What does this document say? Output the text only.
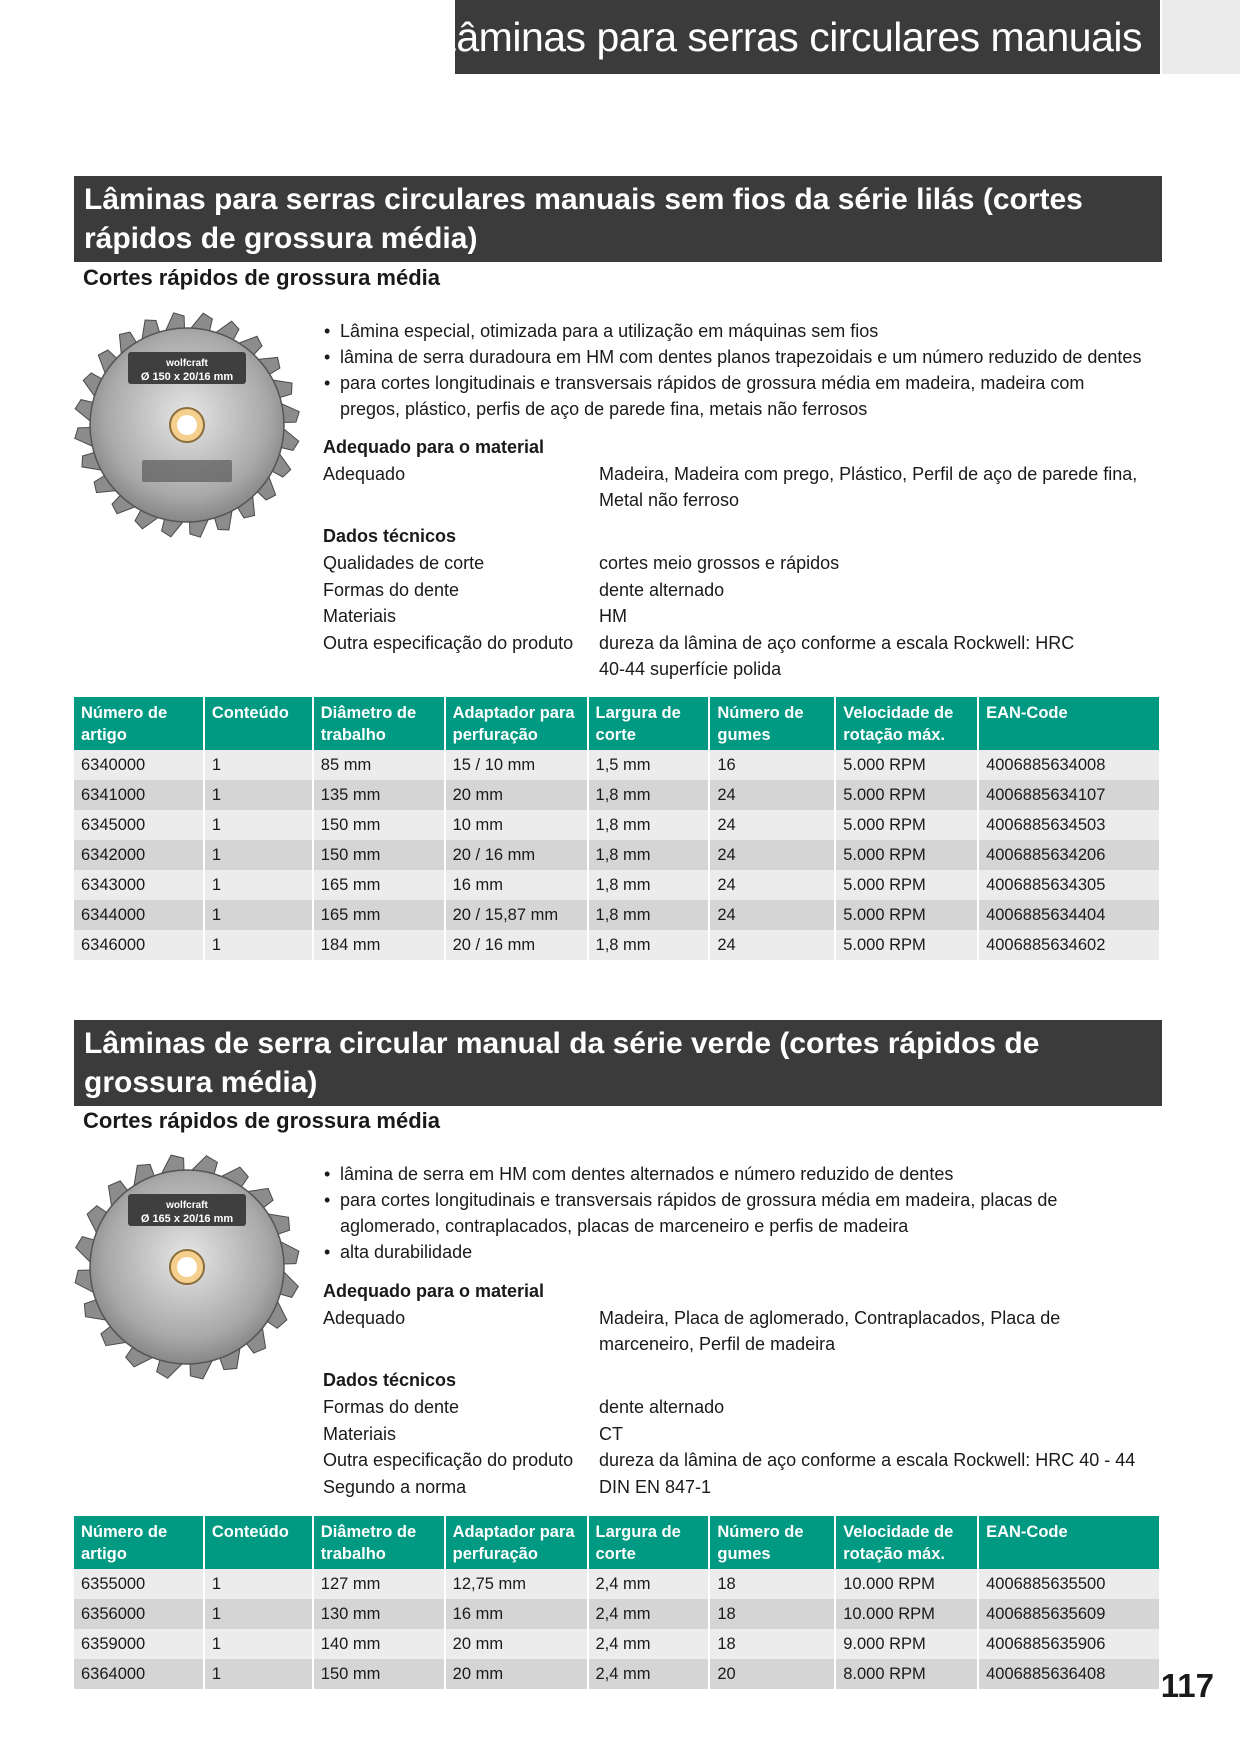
Lâminas para serras circulares manuais
Lâminas para serras circulares manuais sem fios da série lilás (cortes rápidos de grossura média)
Cortes rápidos de grossura média
wolfcraft
Ø 150 x 20/16 mm
• Lâmina especial, otimizada para a utilização em máquinas sem fios
• lâmina de serra duradoura em HM com dentes planos trapezoidais e um número reduzido de dentes
• para cortes longitudinais e transversais rápidos de grossura média em madeira, madeira com pregos, plástico, perfis de aço de parede fina, metais não ferrosos
Adequado para o material
Adequado	Madeira, Madeira com prego, Plástico, Perfil de aço de parede fina, Metal não ferroso
Dados técnicos
Qualidades de corte	cortes meio grossos e rápidos
Formas do dente	dente alternado
Materiais	HM
Outra especificação do produto	dureza da lâmina de aço conforme a escala Rockwell: HRC 40-44 superfície polida
Número de artigo	Conteúdo	Diâmetro de trabalho	Adaptador para perfuração	Largura de corte	Número de gumes	Velocidade de rotação máx.	EAN-Code
6340000	1	85 mm	15 / 10 mm	1,5 mm	16	5.000 RPM	4006885634008
6341000	1	135 mm	20 mm	1,8 mm	24	5.000 RPM	4006885634107
6345000	1	150 mm	10 mm	1,8 mm	24	5.000 RPM	4006885634503
6342000	1	150 mm	20 / 16 mm	1,8 mm	24	5.000 RPM	4006885634206
6343000	1	165 mm	16 mm	1,8 mm	24	5.000 RPM	4006885634305
6344000	1	165 mm	20 / 15,87 mm	1,8 mm	24	5.000 RPM	4006885634404
6346000	1	184 mm	20 / 16 mm	1,8 mm	24	5.000 RPM	4006885634602
Lâminas de serra circular manual da série verde (cortes rápidos de grossura média)
Cortes rápidos de grossura média
wolfcraft
Ø 165 x 20/16 mm
• lâmina de serra em HM com dentes alternados e número reduzido de dentes
• para cortes longitudinais e transversais rápidos de grossura média em madeira, placas de aglomerado, contraplacados, placas de marceneiro e perfis de madeira
• alta durabilidade
Adequado para o material
Adequado	Madeira, Placa de aglomerado, Contraplacados, Placa de marceneiro, Perfil de madeira
Dados técnicos
Formas do dente	dente alternado
Materiais	CT
Outra especificação do produto	dureza da lâmina de aço conforme a escala Rockwell: HRC 40 - 44
Segundo a norma	DIN EN 847-1
Número de artigo	Conteúdo	Diâmetro de trabalho	Adaptador para perfuração	Largura de corte	Número de gumes	Velocidade de rotação máx.	EAN-Code
6355000	1	127 mm	12,75 mm	2,4 mm	18	10.000 RPM	4006885635500
6356000	1	130 mm	16 mm	2,4 mm	18	10.000 RPM	4006885635609
6359000	1	140 mm	20 mm	2,4 mm	18	9.000 RPM	4006885635906
6364000	1	150 mm	20 mm	2,4 mm	20	8.000 RPM	4006885636408 117
